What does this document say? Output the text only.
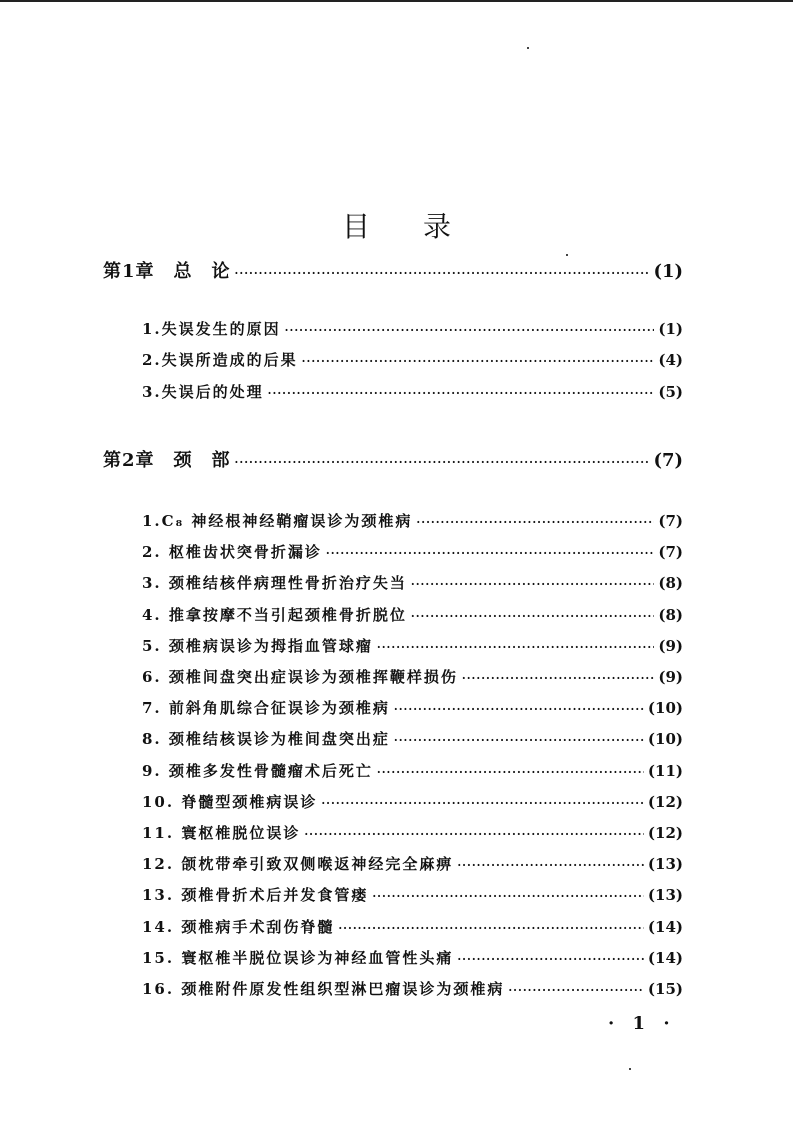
目 录
第1章　总　论 ·····	(1)
1.失误发生的原因 ·····	(1)
2.失误所造成的后果 ·····	(4)
3.失误后的处理 ·····	(5)
第2章　颈　部 ·····	(7)
1.C₈ 神经根神经鞘瘤误诊为颈椎病 ·····	(7)
2. 枢椎齿状突骨折漏诊 ·····	(7)
3. 颈椎结核伴病理性骨折治疗失当 ·····	(8)
4. 推拿按摩不当引起颈椎骨折脱位 ·····	(8)
5. 颈椎病误诊为拇指血管球瘤 ·····	(9)
6. 颈椎间盘突出症误诊为颈椎挥鞭样损伤 ·····	(9)
7. 前斜角肌综合征误诊为颈椎病 ·····	(10)
8. 颈椎结核误诊为椎间盘突出症 ·····	(10)
9. 颈椎多发性骨髓瘤术后死亡 ·····	(11)
10. 脊髓型颈椎病误诊 ·····	(12)
11. 寰枢椎脱位误诊 ·····	(12)
12. 颌枕带牵引致双侧喉返神经完全麻痹 ·····	(13)
13. 颈椎骨折术后并发食管瘘 ·····	(13)
14. 颈椎病手术刮伤脊髓 ·····	(14)
15. 寰枢椎半脱位误诊为神经血管性头痛 ·····	(14)
16. 颈椎附件原发性组织型淋巴瘤误诊为颈椎病 ·····	(15)
· 1 ·
